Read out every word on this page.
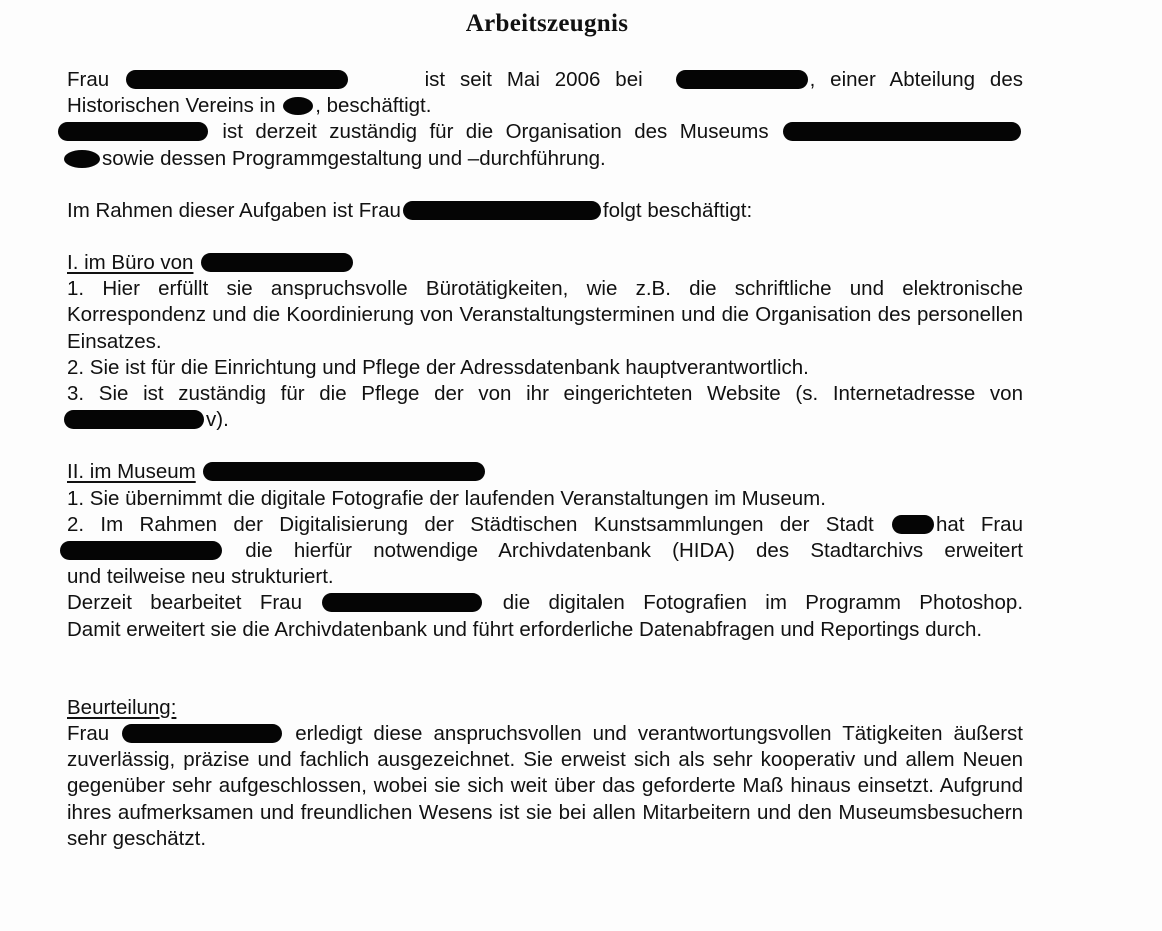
Arbeitszeugnis

Frau	ist seit Mai 2006 bei	, einer Abteilung des

Historischen Vereins in , beschäftigt.

ist derzeit zuständig für die Organisation des Museums

sowie dessen Programmgestaltung und –durchführung.

Im Rahmen dieser Aufgaben ist Frau	folgt beschäftigt:

I. im Büro von

1. Hier erfüllt sie anspruchsvolle Bürotätigkeiten, wie z.B. die schriftliche und elektronische Korrespondenz und die Koordinierung von Veranstaltungsterminen und die Organisation des personellen Einsatzes.

2. Sie ist für die Einrichtung und Pflege der Adressdatenbank hauptverantwortlich.

3. Sie ist zuständig für die Pflege der von ihr eingerichteten Website (s. Internetadresse von

v).

II. im Museum

1. Sie übernimmt die digitale Fotografie der laufenden Veranstaltungen im Museum.

2. Im Rahmen der Digitalisierung der Städtischen Kunstsammlungen der Stadt	hat Frau

die hierfür notwendige Archivdatenbank (HIDA) des Stadtarchivs erweitert

und teilweise neu strukturiert.

Derzeit bearbeitet Frau	die digitalen Fotografien im Programm Photoshop.

Damit erweitert sie die Archivdatenbank und führt erforderliche Datenabfragen und Reportings durch.

Beurteilung:

Frau	erledigt diese anspruchsvollen und verantwortungsvollen Tätigkeiten äußerst zuverlässig, präzise und fachlich ausgezeichnet. Sie erweist sich als sehr kooperativ und allem Neuen gegenüber sehr aufgeschlossen, wobei sie sich weit über das geforderte Maß hinaus einsetzt. Aufgrund ihres aufmerksamen und freundlichen Wesens ist sie bei allen Mitarbeitern und den Museumsbesuchern sehr geschätzt.
